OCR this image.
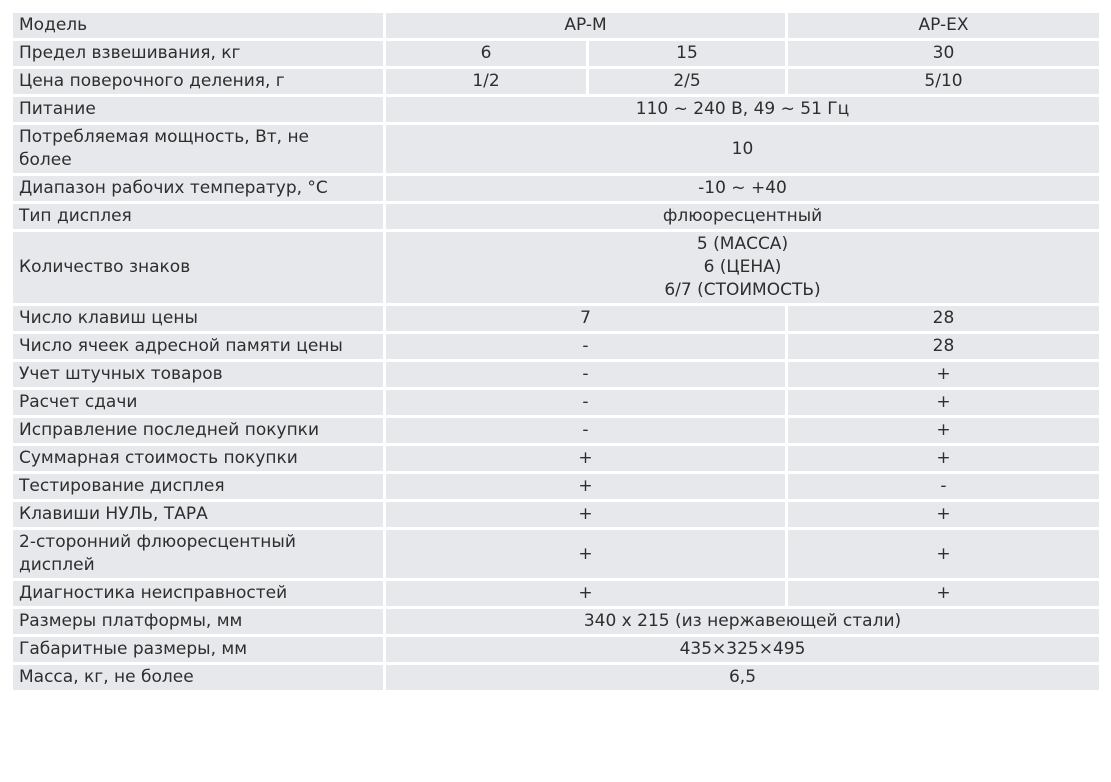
Модель	AP-M		AP-EX
Предел взвешивания, кг	6	15	30
Цена поверочного деления, г	1/2	2/5	5/10
Питание	110 ~ 240 В, 49 ~ 51 Гц		

Потребляемая мощность, Вт, не
более	10		
Диапазон рабочих температур, °С	-10 ~ +40		
Тип дисплея	флюоресцентный		
Количество знаков	5 (МАССА)
6 (ЦЕНА)
6/7 (СТОИМОСТЬ)		

Число клавиш цены	7		28
Число ячеек адресной памяти цены	-		28
Учет штучных товаров	-		+
Расчет сдачи	-		+
Исправление последней покупки	-		+
Суммарная стоимость покупки	+		+
Тестирование дисплея	+		-
Клавиши НУЛЬ, ТАРА	+		+

2-сторонний флюоресцентный
дисплей	+		+
Диагностика неисправностей	+		+
Размеры платформы, мм	340 х 215 (из нержавеющей стали)		
Габаритные размеры, мм	435×325×495		
Масса, кг, не более	6,5		
